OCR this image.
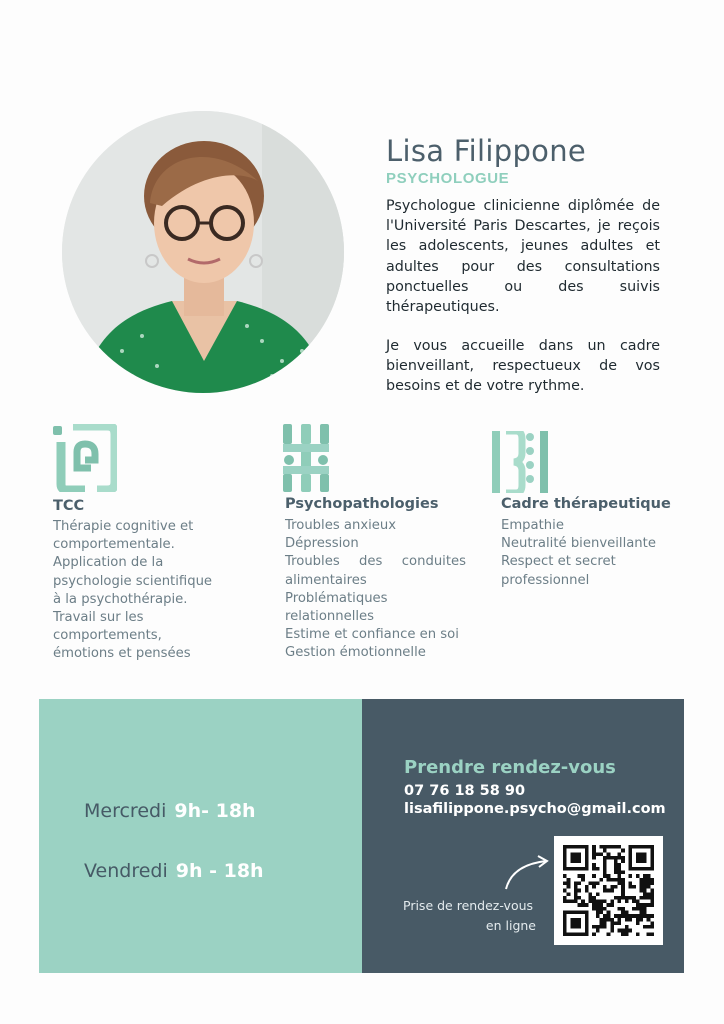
Lisa Filippone
PSYCHOLOGUE
Psychologue clinicienne diplômée de l'Université Paris Descartes, je reçois les adolescents, jeunes adultes et adultes pour des consultations ponctuelles ou des suivis thérapeutiques.
Je vous accueille dans un cadre bienveillant, respectueux de vos besoins et de votre rythme.
TCC
Thérapie cognitive et
comportementale.
Application de la
psychologie scientifique
à la psychothérapie.
Travail sur les
comportements,
émotions et pensées
Psychopathologies
Troubles anxieux
Dépression
Troubles des conduites alimentaires
Problématiques relationnelles
Estime et confiance en soi
Gestion émotionnelle
Cadre thérapeutique
Empathie
Neutralité bienveillante
Respect et secret
professionnel
Mercredi 9h- 18h
Vendredi 9h - 18h
Prendre rendez-vous
07 76 18 58 90
lisafilippone.psycho@gmail.com
Prise de rendez-vous
en ligne
